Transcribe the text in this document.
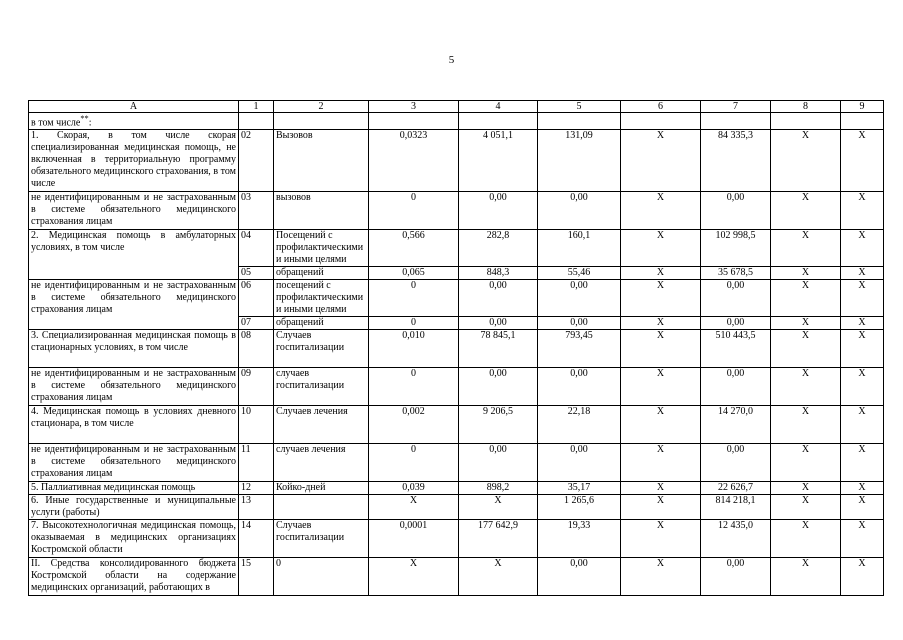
5
А	1	2	3	4	5	6	7	8	9
в том числе**:									
1. Скорая, в том числе скорая специализированная медицинская помощь, не включенная в территориальную программу обязательного медицинского страхования, в том числе	02	Вызовов	0,0323	4 051,1	131,09	Х	84 335,3	Х	Х
не идентифицированным и не застрахованным в системе обязательного медицинского страхования лицам	03	вызовов	0	0,00	0,00	Х	0,00	Х	Х
2. Медицинская помощь в амбулаторных условиях, в том числе	04	Посещений с профилактическими и иными целями	0,566	282,8	160,1	Х	102 998,5	Х	Х
	05	обращений	0,065	848,3	55,46	Х	35 678,5	Х	Х
не идентифицированным и не застрахованным в системе обязательного медицинского страхования лицам	06	посещений с профилактическими и иными целями	0	0,00	0,00	Х	0,00	Х	Х
	07	обращений	0	0,00	0,00	Х	0,00	Х	Х
3. Специализированная медицинская помощь в стационарных условиях, в том числе	08	Случаев госпитализации	0,010	78 845,1	793,45	Х	510 443,5	Х	Х
не идентифицированным и не застрахованным в системе обязательного медицинского страхования лицам	09	случаев госпитализации	0	0,00	0,00	Х	0,00	Х	Х
4. Медицинская помощь в условиях дневного стационара, в том числе	10	Случаев лечения	0,002	9 206,5	22,18	Х	14 270,0	Х	Х
не идентифицированным и не застрахованным в системе обязательного медицинского страхования лицам	11	случаев лечения	0	0,00	0,00	Х	0,00	Х	Х
5. Паллиативная медицинская помощь	12	Койко-дней	0,039	898,2	35,17	Х	22 626,7	Х	Х
6. Иные государственные и муниципальные услуги (работы)	13		Х	Х	1 265,6	Х	814 218,1	Х	Х
7. Высокотехнологичная медицинская помощь, оказываемая в медицинских организациях Костромской области	14	Случаев госпитализации	0,0001	177 642,9	19,33	Х	12 435,0	Х	Х
II. Средства консолидированного бюджета Костромской области на содержание медицинских организаций, работающих в	15	0	Х	Х	0,00	Х	0,00	Х	Х
